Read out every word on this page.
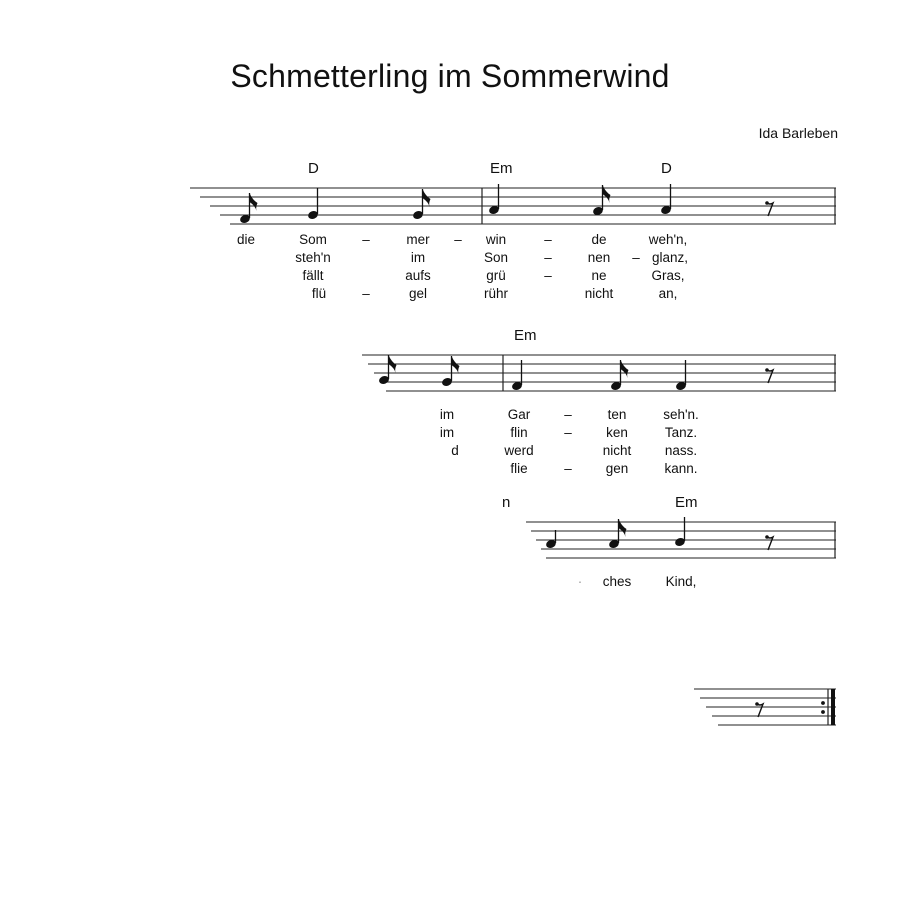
Schmetterling im Sommerwind
Ida Barleben
D	Em	D
Em
n	Em
die	Som	–	mer – win	–	de	weh'n,
steh'n	im	Son	–	nen – glanz,
fällt	aufs	grü	–	ne	Gras,
flü	–	gel	rühr	nicht	an,
im	Gar	–	ten	seh'n.
im	flin	–	ken	Tanz.
d	werd	nicht nass.
flie	–	gen	kann.
· ches	Kind,
